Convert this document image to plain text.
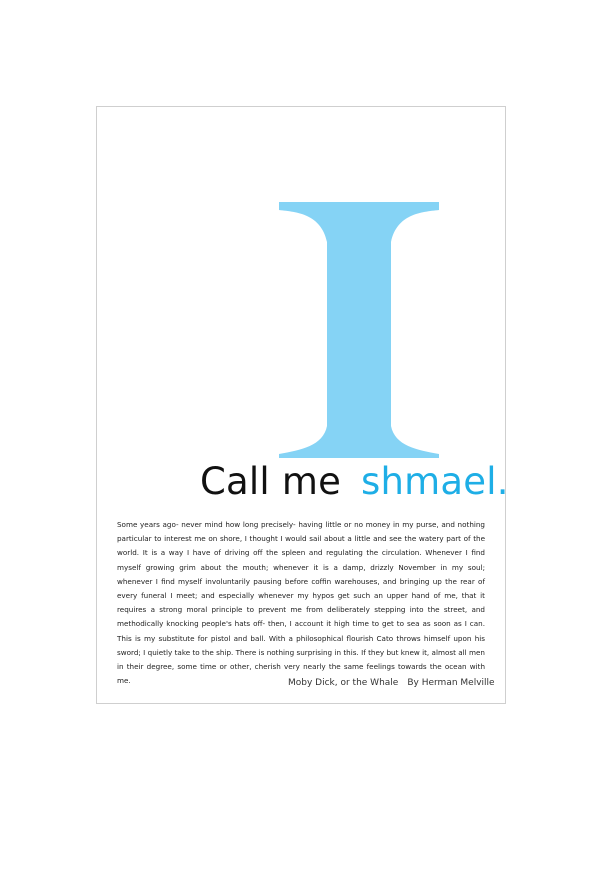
Call me shmael.

Some years ago- never mind how long precisely- having little or no money in my purse, and nothing particular to interest me on shore, I thought I would sail about a little and see the watery part of the world. It is a way I have of driving off the spleen and regulating the circulation. Whenever I find myself growing grim about the mouth; whenever it is a damp, drizzly November in my soul; whenever I find myself involuntarily pausing before coffin warehouses, and bringing up the rear of every funeral I meet; and especially whenever my hypos get such an upper hand of me, that it requires a strong moral principle to prevent me from deliberately stepping into the street, and methodically knocking people's hats off- then, I account it high time to get to sea as soon as I can. This is my substitute for pistol and ball. With a philosophical flourish Cato throws himself upon his sword; I quietly take to the ship. There is nothing surprising in this. If they but knew it, almost all men in their degree, some time or other, cherish very nearly the same feelings towards the ocean with me.	Moby Dick, or the Whale By Herman Melville
